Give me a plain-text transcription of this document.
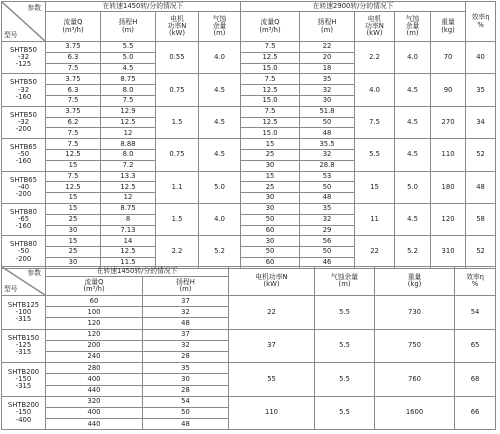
参数
型号	在转速1450转/分的情况下				在转速2900转/分的情况下					效率η
%
	流量Q
(m³/h)	扬程H
(m)	电机
功率N
(kW)	气蚀
余量
(m)	流量Q
(m³/h)	扬程H
(m)	电机
功率N
(kW)	气蚀
余量
(m)	重量
(kg)	
SHTB50
-32
-125	3.75	5.5	0.55	4.0	7.5	22	2.2	4.0	70	40
	6.3	5.0			12.5	20				
	7.5	4.5			15.0	18				
SHTB50
-32
-160	3.75	8.75	0.75	4.5	7.5	35	4.0	4.5	90	35
	6.3	8.0			12.5	32				
	7.5	7.5			15.0	30				
SHTB50
-32
-200	3.75	12.9	1.5	4.5	7.5	51.8	7.5	4.5	270	34
	6.2	12.5			12.5	50				
	7.5	12			15.0	48				
SHTB65
-50
-160	7.5	8.88	0.75	4.5	15	35.5	5.5	4.5	110	52
	12.5	8.0			25	32				
	15	7.2			30	28.8				
SHTB65
-40
-200	7.5	13.3	1.1	5.0	15	53	15	5.0	180	48
	12.5	12.5			25	50				
	15	12			30	48				
SHTB80
-65
-160	15	8.75	1.5	4.0	30	35	11	4.5	120	58
	25	8			50	32				
	30	7.13			60	29				
SHTB80
-50
-200	15	14	2.2	5.2	30	56	22	5.2	310	52
	25	12.5			50	50				
	30	11.5			60	46				
参数
型号	在转速1450转/分的情况下		电机功率N
(kW)	气蚀余量
(m)	重量
(kg)	效率η
%
	流量Q
(m³/h)	扬程H
(m)				
SHTB125
-100
-315	60	37	22	5.5	730	54
	100	32				
	120	48				
SHTB150
-125
-315	120	37	37	5.5	750	65
	200	32				
	240	28				
SHTB200
-150
-315	280	35	55	5.5	760	68
	400	30				
	440	28				
SHTB200
-150
-400	320	54	110	5.5	1600	66
	400	50				
	440	48				
